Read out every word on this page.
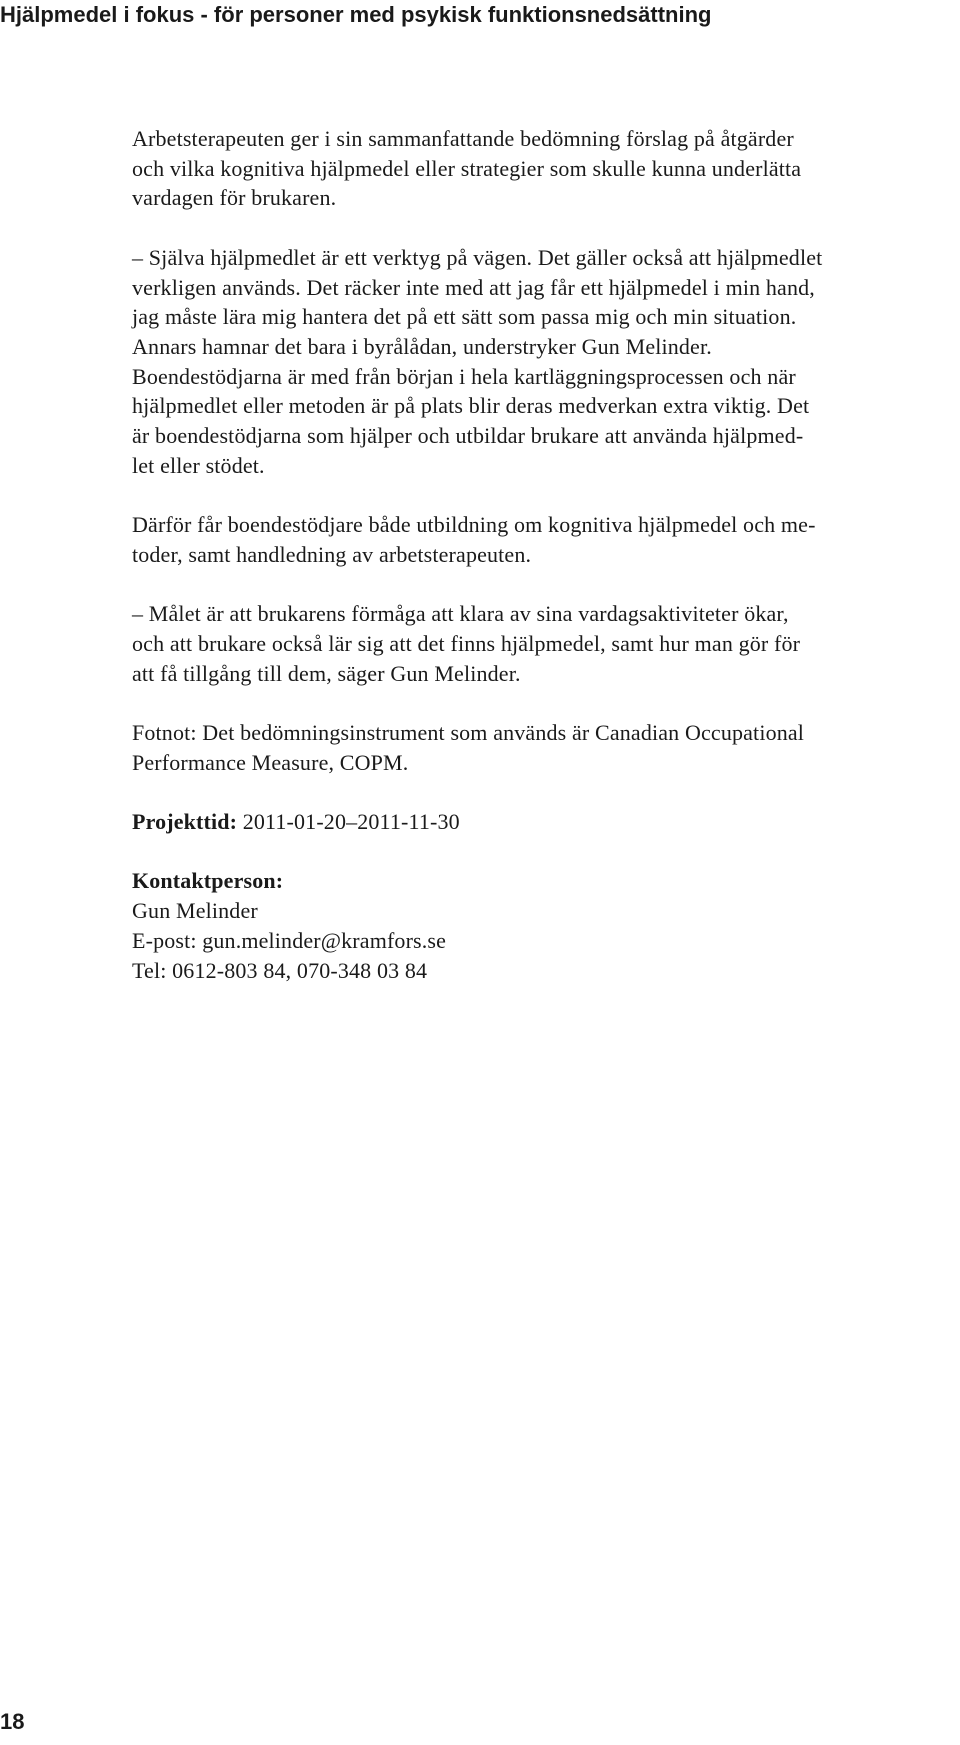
Hjälpmedel i fokus - för personer med psykisk funktionsnedsättning

Arbetsterapeuten ger i sin sammanfattande bedömning förslag på åtgärder
och vilka kognitiva hjälpmedel eller strategier som skulle kunna underlätta
vardagen för brukaren.

– Själva hjälpmedlet är ett verktyg på vägen. Det gäller också att hjälpmedlet
verkligen används. Det räcker inte med att jag får ett hjälpmedel i min hand,
jag måste lära mig hantera det på ett sätt som passa mig och min situation.
Annars hamnar det bara i byrålådan, understryker Gun Melinder.
Boendestödjarna är med från början i hela kartläggningsprocessen och när
hjälpmedlet eller metoden är på plats blir deras medverkan extra viktig. Det
är boendestödjarna som hjälper och utbildar brukare att använda hjälpmed-
let eller stödet.

Därför får boendestödjare både utbildning om kognitiva hjälpmedel och me-
toder, samt handledning av arbetsterapeuten.

– Målet är att brukarens förmåga att klara av sina vardagsaktiviteter ökar,
och att brukare också lär sig att det finns hjälpmedel, samt hur man gör för
att få tillgång till dem, säger Gun Melinder.

Fotnot: Det bedömningsinstrument som används är Canadian Occupational
Performance Measure, COPM.

Projekttid: 2011-01-20–2011-11-30

Kontaktperson:
Gun Melinder
E-post: gun.melinder@kramfors.se
Tel: 0612-803 84, 070-348 03 84

18
